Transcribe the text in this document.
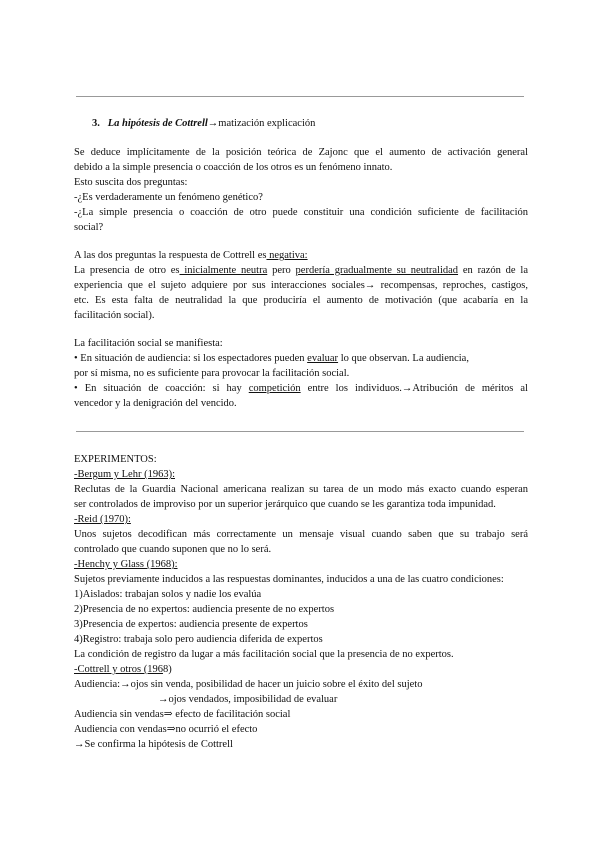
3. La hipótesis de Cottrell→matización explicación
Se deduce implícitamente de la posición teórica de Zajonc que el aumento de activación general
debido a la simple presencia o coacción de los otros es un fenómeno innato.
Esto suscita dos preguntas:
-¿Es verdaderamente un fenómeno genético?
-¿La simple presencia o coacción de otro puede constituir una condición suficiente de facilitación
social?
A las dos preguntas la respuesta de Cottrell es negativa:
La presencia de otro es inicialmente neutra pero perdería gradualmente su neutralidad en razón de la
experiencia que el sujeto adquiere por sus interacciones sociales→ recompensas, reproches, castigos,
etc. Es esta falta de neutralidad la que produciría el aumento de motivación (que acabaría en la
facilitación social).
La facilitación social se manifiesta:
• En situación de audiencia: si los espectadores pueden evaluar lo que observan. La audiencia,
por sí misma, no es suficiente para provocar la facilitación social.
• En situación de coacción: si hay competición entre los individuos.→Atribución de méritos al
vencedor y la denigración del vencido.
EXPERIMENTOS:
-Bergum y Lehr (1963):
Reclutas de la Guardia Nacional americana realizan su tarea de un modo más exacto cuando esperan
ser controlados de improviso por un superior jerárquico que cuando se les garantiza toda impunidad.
-Reid (1970):
Unos sujetos decodifican más correctamente un mensaje visual cuando saben que su trabajo será
controlado que cuando suponen que no lo será.
-Henchy y Glass (1968):
Sujetos previamente inducidos a las respuestas dominantes, inducidos a una de las cuatro condiciones:
1)Aislados: trabajan solos y nadie los evalúa
2)Presencia de no expertos: audiencia presente de no expertos
3)Presencia de expertos: audiencia presente de expertos
4)Registro: trabaja solo pero audiencia diferida de expertos
La condición de registro da lugar a más facilitación social que la presencia de no expertos.
-Cottrell y otros (1968)
Audiencia:→ojos sin venda, posibilidad de hacer un juicio sobre el éxito del sujeto
→ojos vendados, imposibilidad de evaluar
Audiencia sin vendas⇒ efecto de facilitación social
Audiencia con vendas⇒no ocurrió el efecto
→Se confirma la hipótesis de Cottrell
